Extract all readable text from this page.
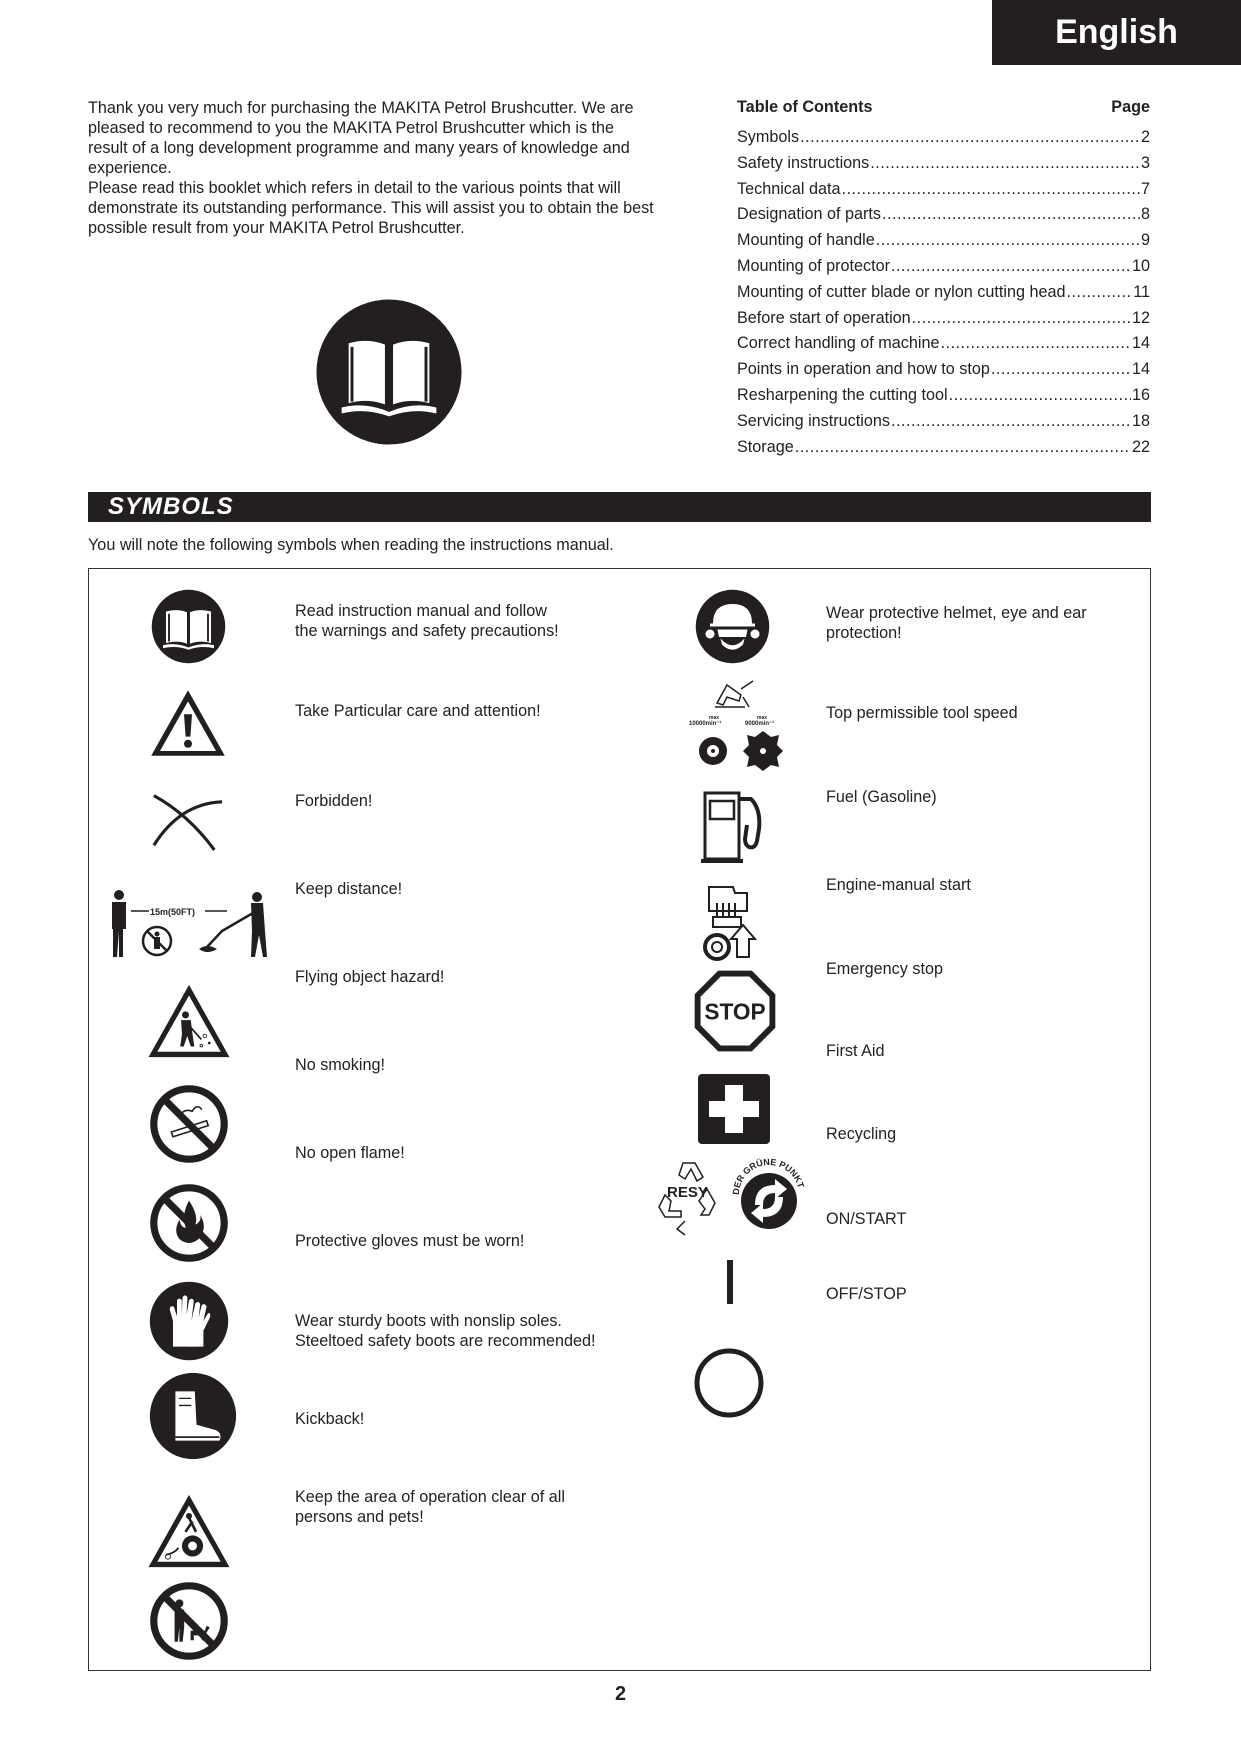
English

Thank you very much for purchasing the MAKITA Petrol Brushcutter. We are
pleased to recommend to you the MAKITA Petrol Brushcutter which is the
result of a long development programme and many years of knowledge and
experience.

Please read this booklet which refers in detail to the various points that will
demonstrate its outstanding performance. This will assist you to obtain the best
possible result from your MAKITA Petrol Brushcutter.

Table of Contents	Page
Symbols .....	2
Safety instructions .....	3
Technical data .....	7
Designation of parts .....	8
Mounting of handle .....	9
Mounting of protector .....	10
Mounting of cutter blade or nylon cutting head .....	11
Before start of operation .....	12
Correct handling of machine .....	14
Points in operation and how to stop .....	14
Resharpening the cutting tool .....	16
Servicing instructions .....	18
Storage .....	22
SYMBOLS
You will note the following symbols when reading the instructions manual.
15m(50FT)
max
10000min⁻¹
max
9000min⁻¹
STOP
RESY	DER GRÜNE PUNKT
Read instruction manual and follow
the warnings and safety precautions!
Take Particular care and attention!
Forbidden!
Keep distance!
Flying object hazard!
No smoking!
No open flame!
Protective gloves must be worn!
Wear sturdy boots with nonslip soles.
Steeltoed safety boots are recommended!
Kickback!
Keep the area of operation clear of all
persons and pets!
Wear protective helmet, eye and ear
protection!
Top permissible tool speed
Fuel (Gasoline)
Engine-manual start
Emergency stop
First Aid
Recycling
ON/START
OFF/STOP
2
